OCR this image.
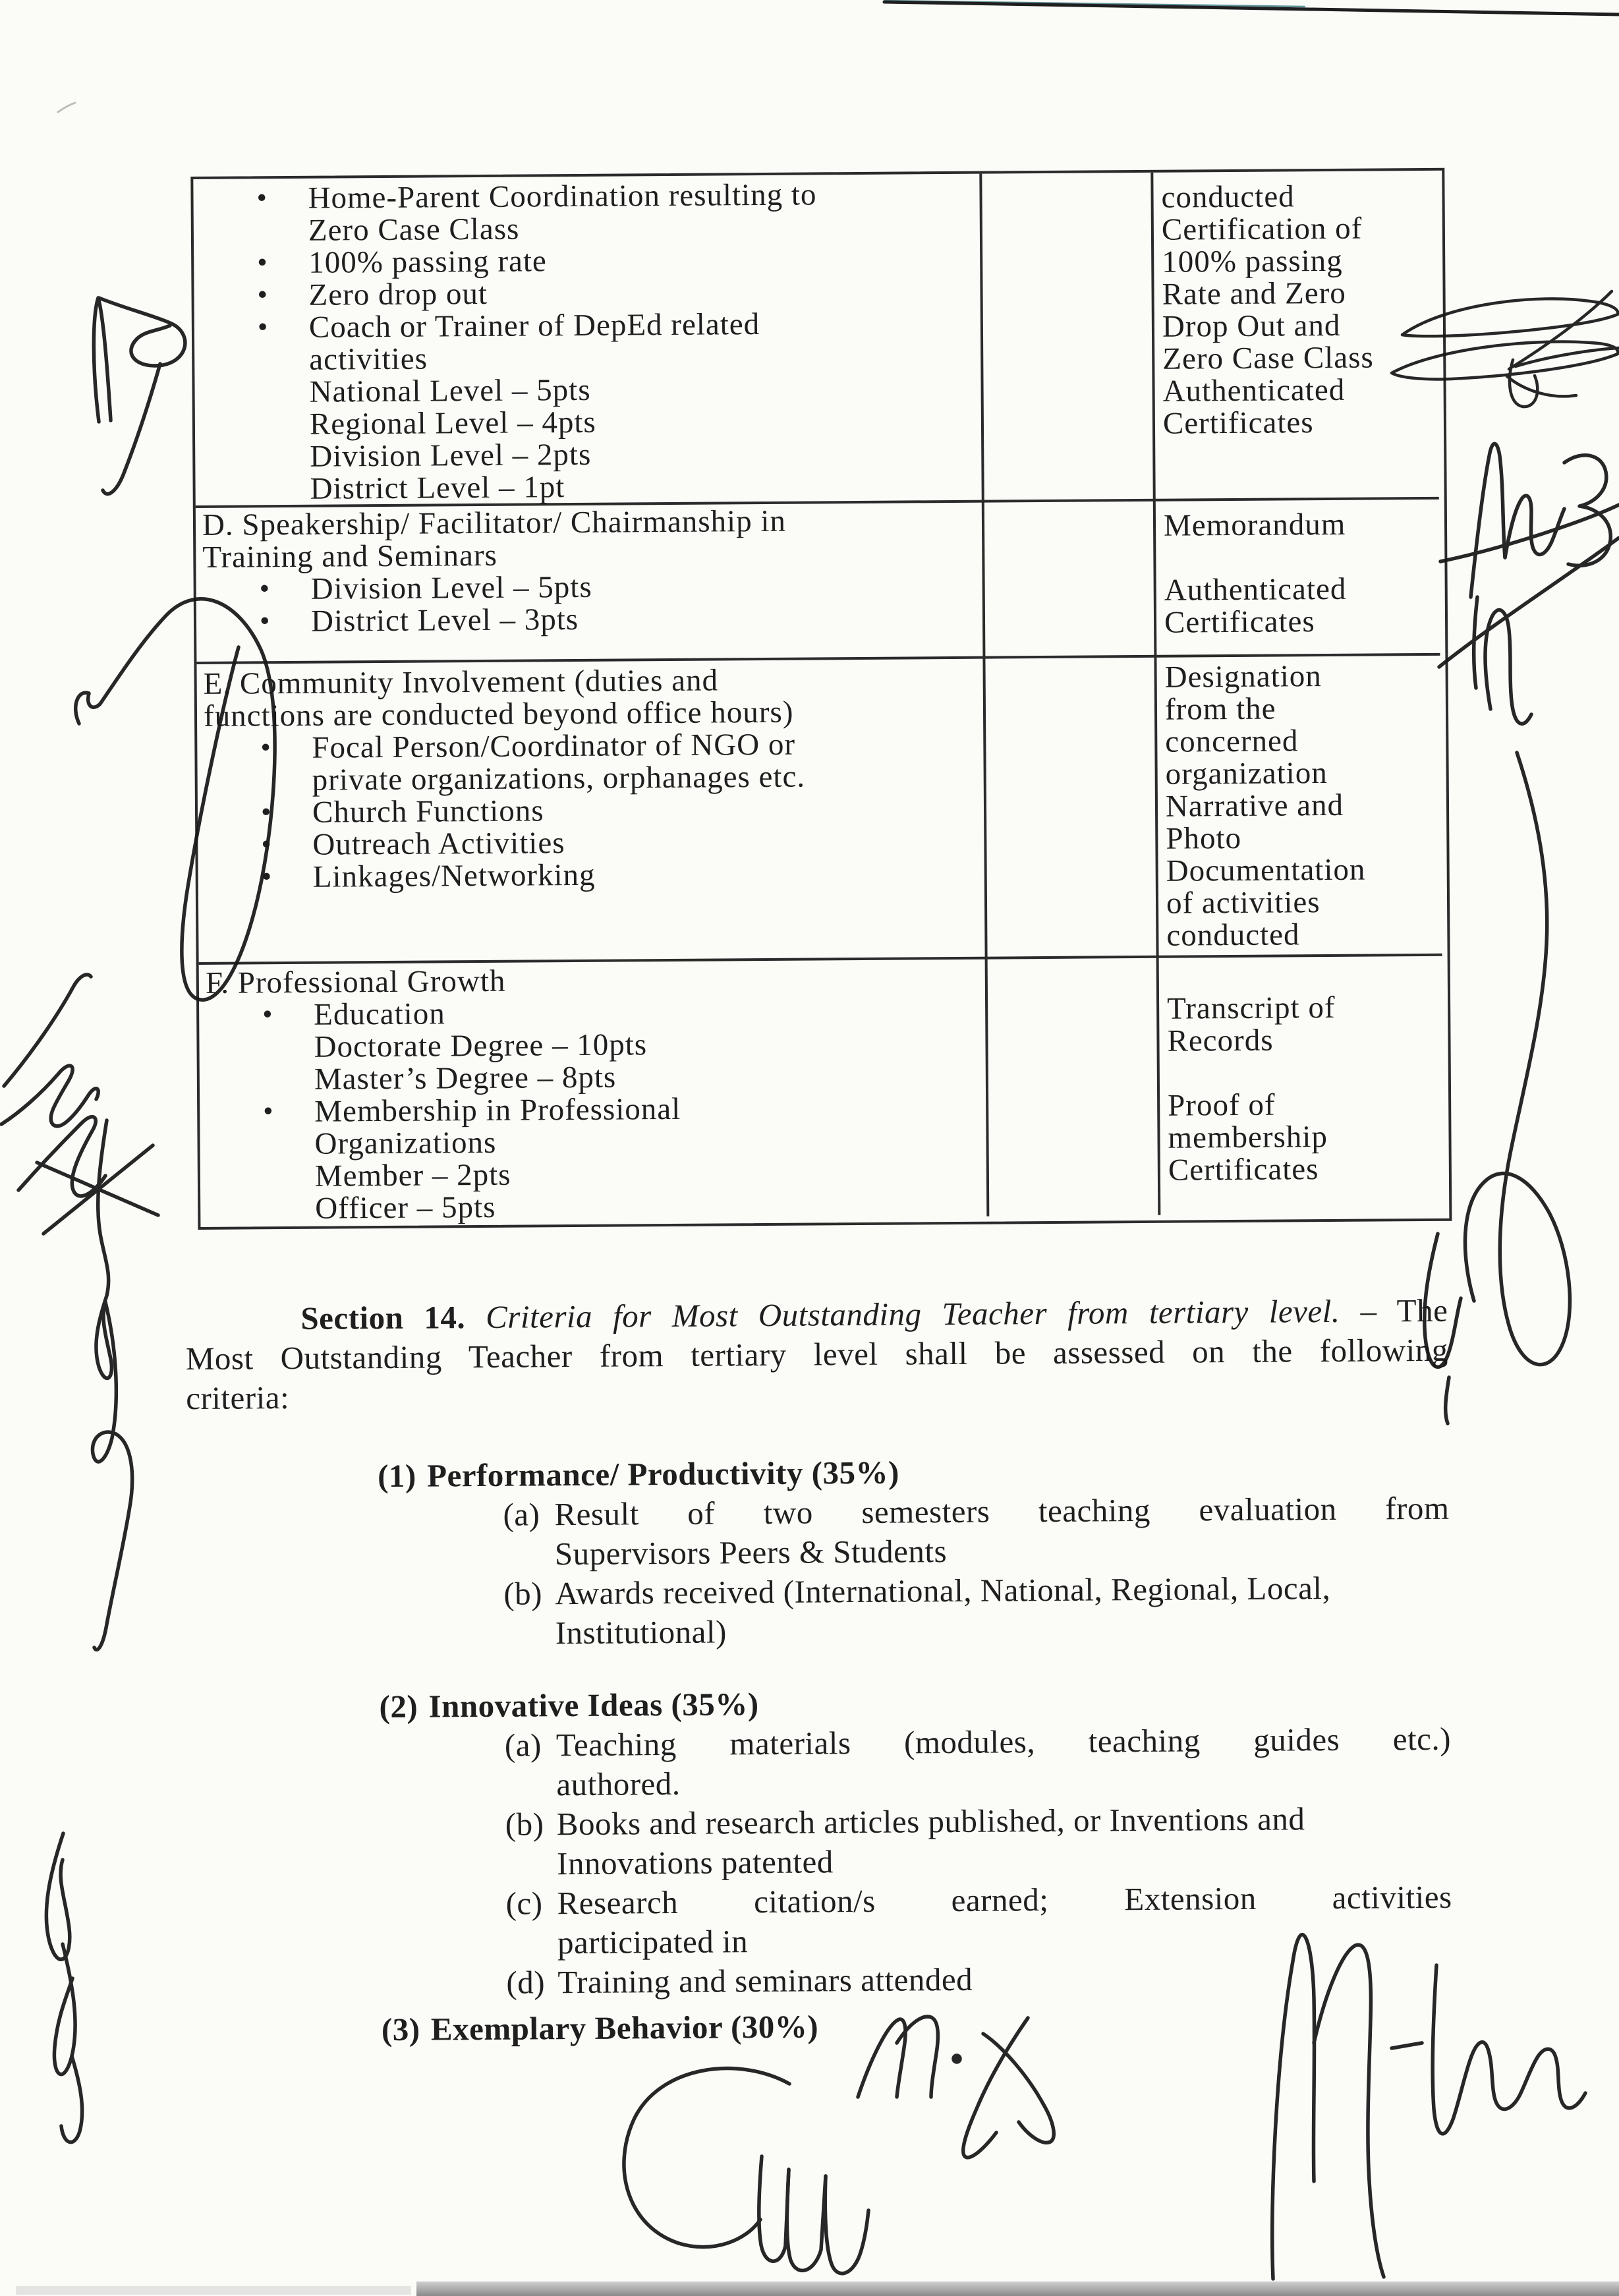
• Home-Parent Coordination resulting to
Zero Case Class
• 100% passing rate
• Zero drop out
• Coach or Trainer of DepEd related
activities
National Level – 5pts
Regional Level – 4pts
Division Level – 2pts
District Level – 1pt
conducted
Certification of
100% passing
Rate and Zero
Drop Out and
Zero Case Class
Authenticated
Certificates
D. Speakership/ Facilitator/ Chairmanship in
Training and Seminars
• Division Level – 5pts
• District Level – 3pts
Memorandum

Authenticated
Certificates
E. Community Involvement (duties and
functions are conducted beyond office hours)
• Focal Person/Coordinator of NGO or
private organizations, orphanages etc.
• Church Functions
• Outreach Activities
• Linkages/Networking
Designation
from the
concerned
organization
Narrative and
Photo
Documentation
of activities
conducted
F. Professional Growth
• Education
Doctorate Degree – 10pts
Master’s Degree – 8pts
• Membership in Professional
Organizations
Member – 2pts
Officer – 5pts

Transcript of
Records

Proof of
membership
Certificates
Section 14. Criteria for Most Outstanding Teacher from tertiary level. – The
Most Outstanding Teacher from tertiary level shall be assessed on the following
criteria:
(1) Performance/ Productivity (35%)
(a) Result of two semesters teaching evaluation from
Supervisors Peers & Students
(b) Awards received (International, National, Regional, Local,
Institutional)
(2) Innovative Ideas (35%)
(a) Teaching materials (modules, teaching guides etc.)
authored.
(b) Books and research articles published, or Inventions and
Innovations patented
(c) Research citation/s earned; Extension activities
participated in
(d) Training and seminars attended
(3) Exemplary Behavior (30%)
